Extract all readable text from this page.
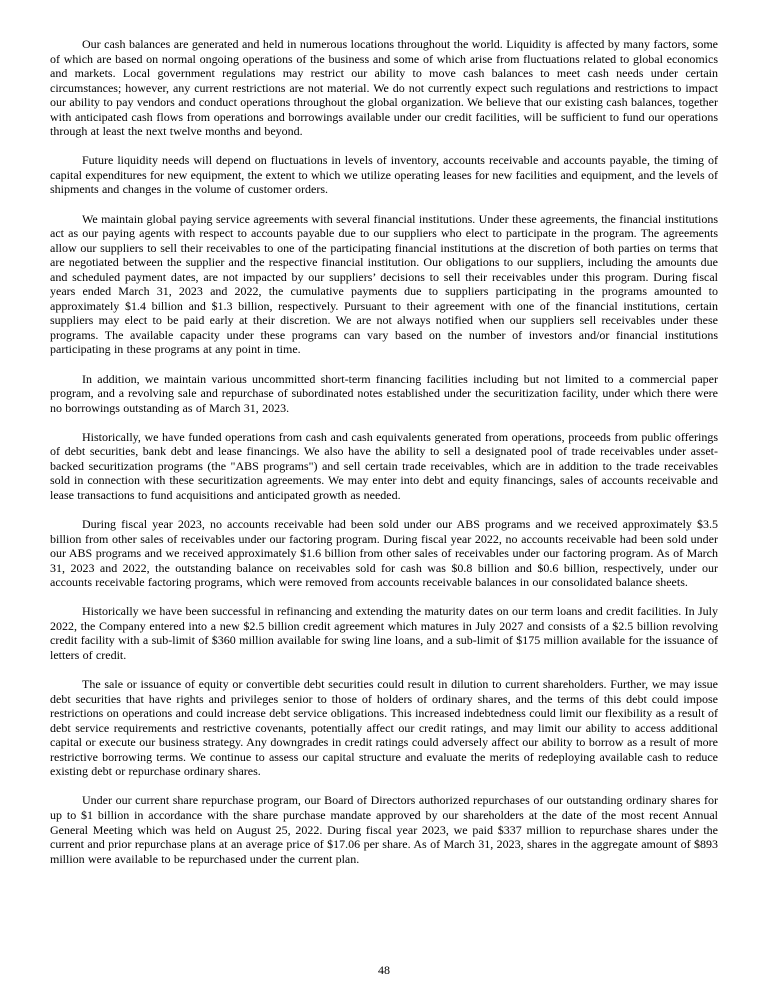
Our cash balances are generated and held in numerous locations throughout the world. Liquidity is affected by many factors, some of which are based on normal ongoing operations of the business and some of which arise from fluctuations related to global economics and markets. Local government regulations may restrict our ability to move cash balances to meet cash needs under certain circumstances; however, any current restrictions are not material. We do not currently expect such regulations and restrictions to impact our ability to pay vendors and conduct operations throughout the global organization. We believe that our existing cash balances, together with anticipated cash flows from operations and borrowings available under our credit facilities, will be sufficient to fund our operations through at least the next twelve months and beyond.

Future liquidity needs will depend on fluctuations in levels of inventory, accounts receivable and accounts payable, the timing of capital expenditures for new equipment, the extent to which we utilize operating leases for new facilities and equipment, and the levels of shipments and changes in the volume of customer orders.

We maintain global paying service agreements with several financial institutions. Under these agreements, the financial institutions act as our paying agents with respect to accounts payable due to our suppliers who elect to participate in the program. The agreements allow our suppliers to sell their receivables to one of the participating financial institutions at the discretion of both parties on terms that are negotiated between the supplier and the respective financial institution. Our obligations to our suppliers, including the amounts due and scheduled payment dates, are not impacted by our suppliers’ decisions to sell their receivables under this program. During fiscal years ended March 31, 2023 and 2022, the cumulative payments due to suppliers participating in the programs amounted to approximately $1.4 billion and $1.3 billion, respectively. Pursuant to their agreement with one of the financial institutions, certain suppliers may elect to be paid early at their discretion. We are not always notified when our suppliers sell receivables under these programs. The available capacity under these programs can vary based on the number of investors and/or financial institutions participating in these programs at any point in time.

In addition, we maintain various uncommitted short-term financing facilities including but not limited to a commercial paper program, and a revolving sale and repurchase of subordinated notes established under the securitization facility, under which there were no borrowings outstanding as of March 31, 2023.

Historically, we have funded operations from cash and cash equivalents generated from operations, proceeds from public offerings of debt securities, bank debt and lease financings. We also have the ability to sell a designated pool of trade receivables under asset-backed securitization programs (the "ABS programs") and sell certain trade receivables, which are in addition to the trade receivables sold in connection with these securitization agreements. We may enter into debt and equity financings, sales of accounts receivable and lease transactions to fund acquisitions and anticipated growth as needed.

During fiscal year 2023, no accounts receivable had been sold under our ABS programs and we received approximately $3.5 billion from other sales of receivables under our factoring program. During fiscal year 2022, no accounts receivable had been sold under our ABS programs and we received approximately $1.6 billion from other sales of receivables under our factoring program. As of March 31, 2023 and 2022, the outstanding balance on receivables sold for cash was $0.8 billion and $0.6 billion, respectively, under our accounts receivable factoring programs, which were removed from accounts receivable balances in our consolidated balance sheets.

Historically we have been successful in refinancing and extending the maturity dates on our term loans and credit facilities. In July 2022, the Company entered into a new $2.5 billion credit agreement which matures in July 2027 and consists of a $2.5 billion revolving credit facility with a sub-limit of $360 million available for swing line loans, and a sub-limit of $175 million available for the issuance of letters of credit.

The sale or issuance of equity or convertible debt securities could result in dilution to current shareholders. Further, we may issue debt securities that have rights and privileges senior to those of holders of ordinary shares, and the terms of this debt could impose restrictions on operations and could increase debt service obligations. This increased indebtedness could limit our flexibility as a result of debt service requirements and restrictive covenants, potentially affect our credit ratings, and may limit our ability to access additional capital or execute our business strategy. Any downgrades in credit ratings could adversely affect our ability to borrow as a result of more restrictive borrowing terms. We continue to assess our capital structure and evaluate the merits of redeploying available cash to reduce existing debt or repurchase ordinary shares.

Under our current share repurchase program, our Board of Directors authorized repurchases of our outstanding ordinary shares for up to $1 billion in accordance with the share purchase mandate approved by our shareholders at the date of the most recent Annual General Meeting which was held on August 25, 2022. During fiscal year 2023, we paid $337 million to repurchase shares under the current and prior repurchase plans at an average price of $17.06 per share. As of March 31, 2023, shares in the aggregate amount of $893 million were available to be repurchased under the current plan.

48
